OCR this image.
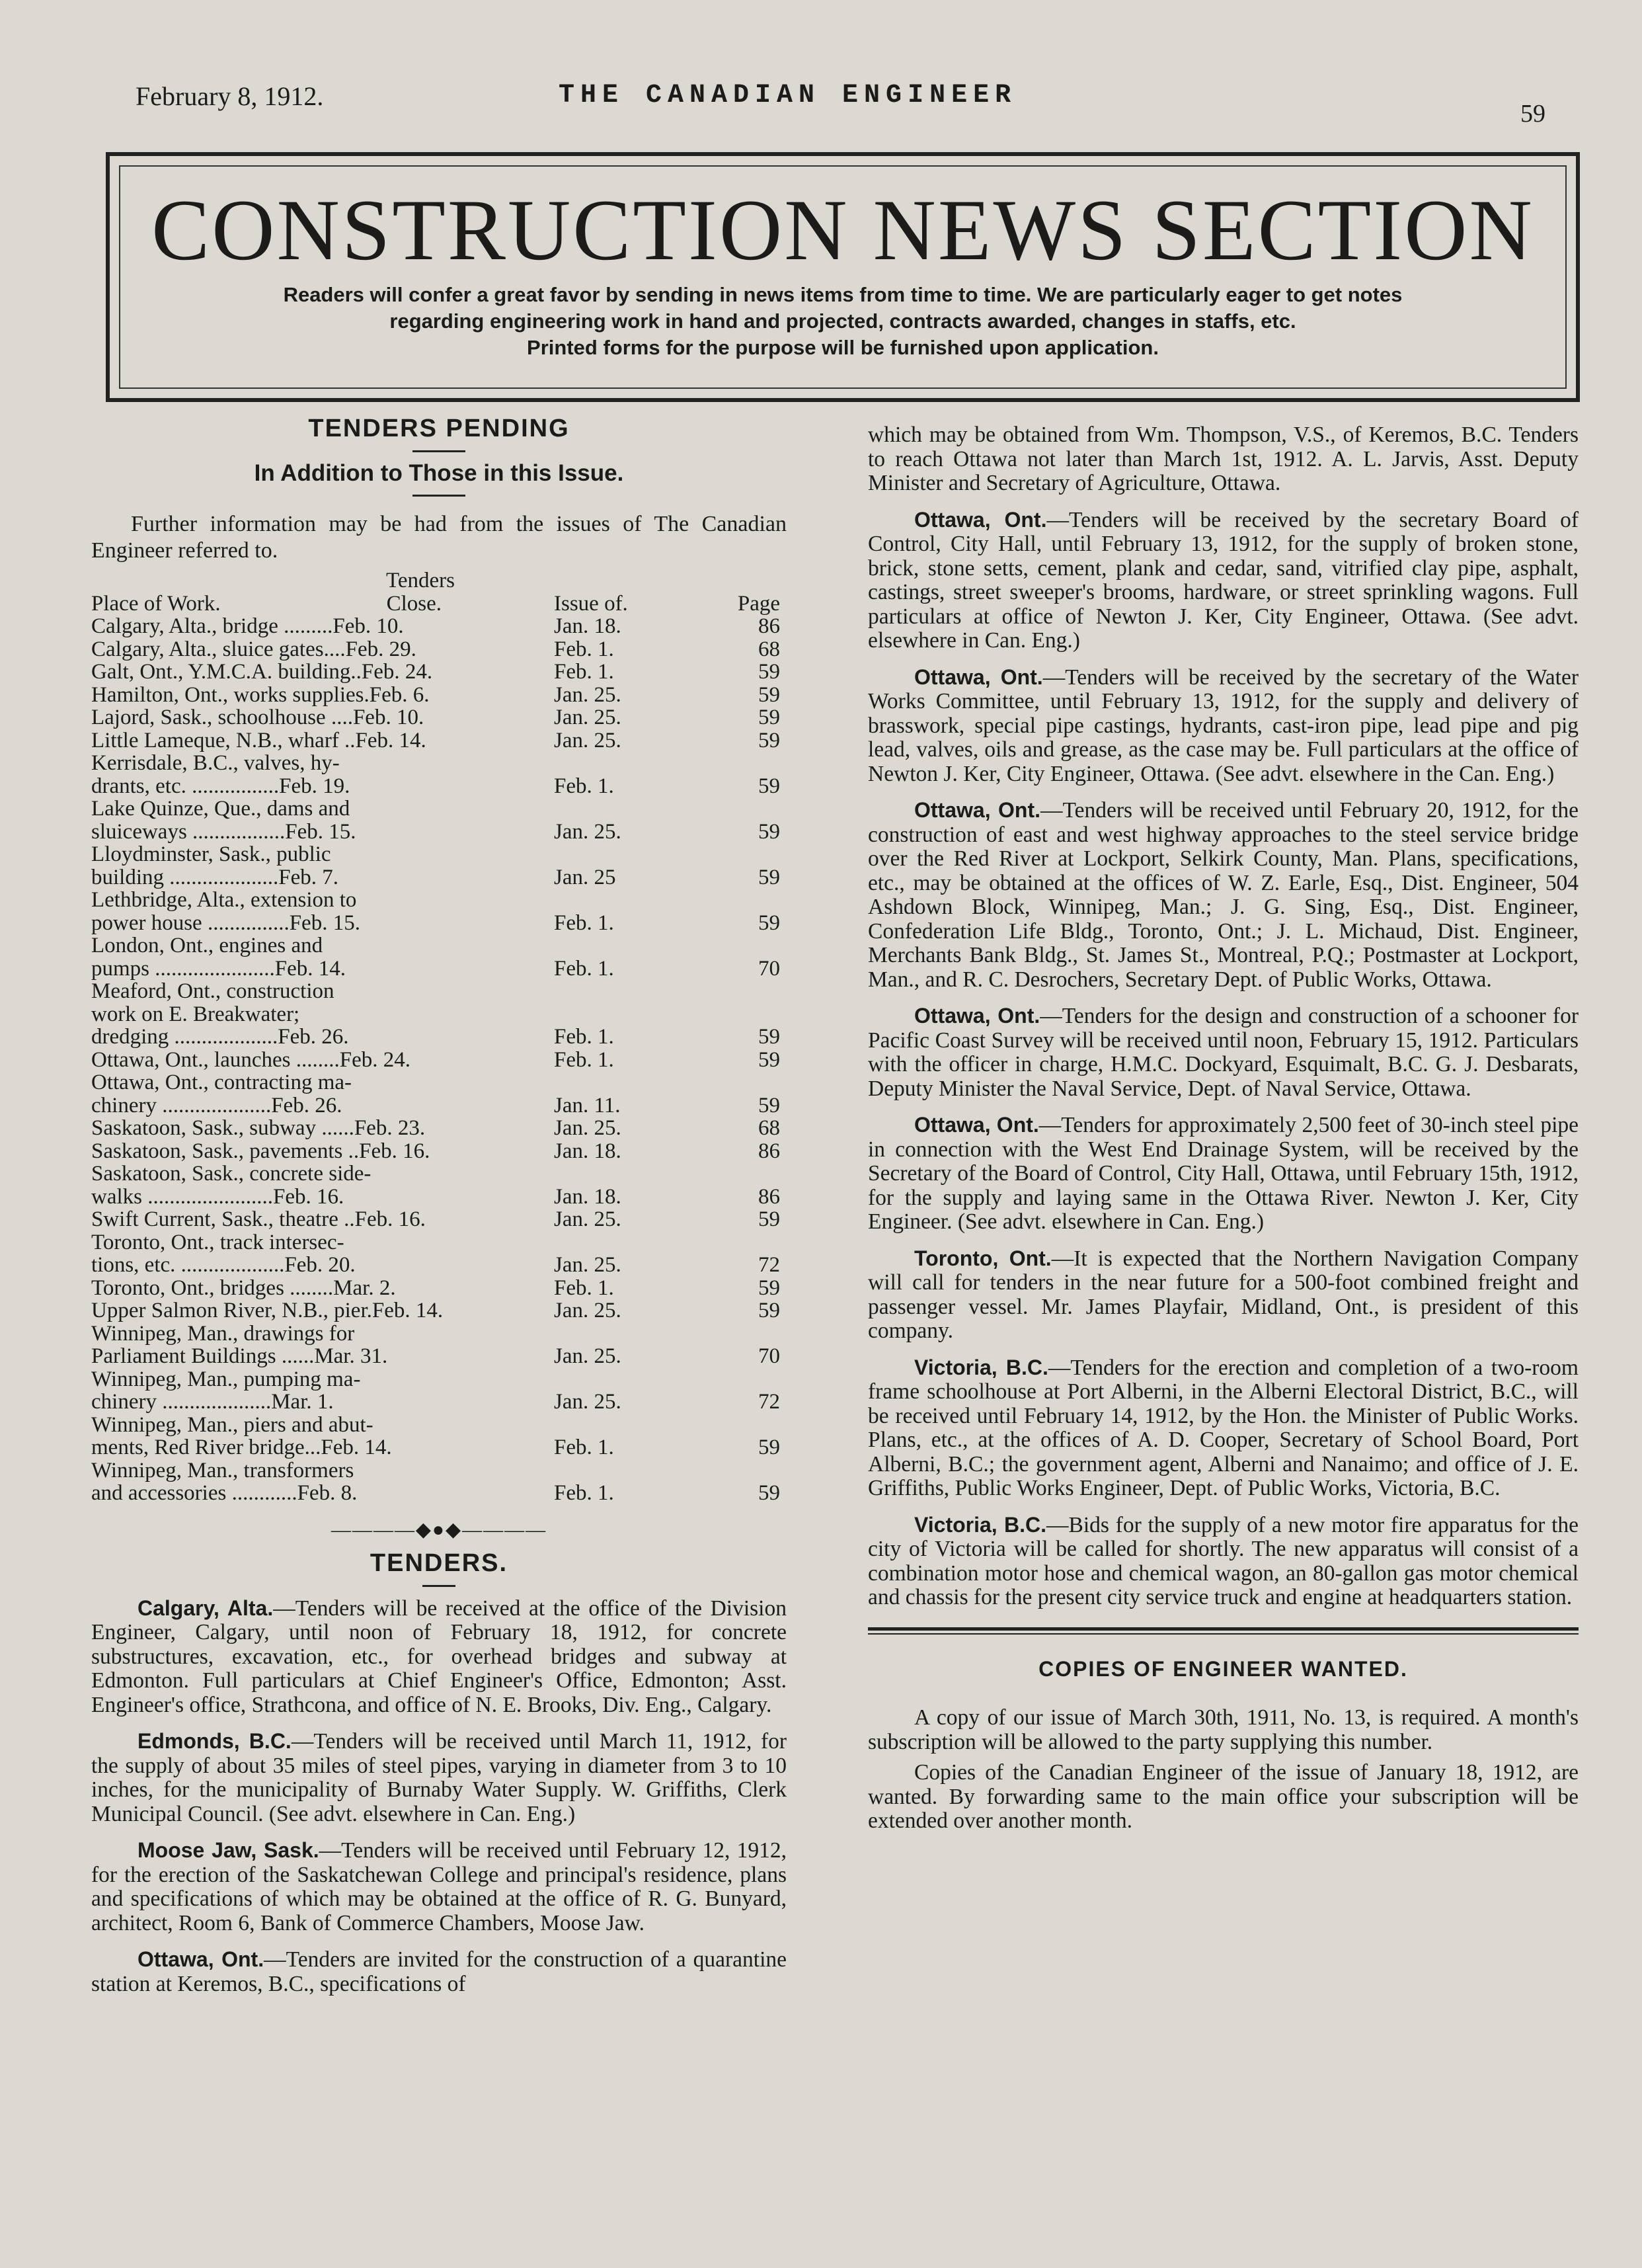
February 8, 1912.	THE CANADIAN ENGINEER
59
CONSTRUCTION NEWS SECTION
Readers will confer a great favor by sending in news items from time to time. We are particularly eager to get notes
regarding engineering work in hand and projected, contracts awarded, changes in staffs, etc.
Printed forms for the purpose will be furnished upon application.
TENDERS PENDING
In Addition to Those in this Issue.
Further information may be had from the issues of The Canadian Engineer referred to.
Tenders		
Place of Work. Close.	Issue of.	Page
Calgary, Alta., bridge .........Feb. 10.	Jan. 18.	86
Calgary, Alta., sluice gates....Feb. 29.	Feb. 1.	68
Galt, Ont., Y.M.C.A. building..Feb. 24.	Feb. 1.	59
Hamilton, Ont., works supplies.Feb. 6.	Jan. 25.	59
Lajord, Sask., schoolhouse ....Feb. 10.	Jan. 25.	59
Little Lameque, N.B., wharf ..Feb. 14.	Jan. 25.	59
Kerrisdale, B.C., valves, hy-		
drants, etc. ................Feb. 19.	Feb. 1.	59
Lake Quinze, Que., dams and		
sluiceways .................Feb. 15.	Jan. 25.	59
Lloydminster, Sask., public		
building ....................Feb. 7.	Jan. 25	59
Lethbridge, Alta., extension to		
power house ...............Feb. 15.	Feb. 1.	59
London, Ont., engines and		
pumps ......................Feb. 14.	Feb. 1.	70
Meaford, Ont., construction		
work on E. Breakwater;		
dredging ...................Feb. 26.	Feb. 1.	59
Ottawa, Ont., launches ........Feb. 24.	Feb. 1.	59
Ottawa, Ont., contracting ma-		
chinery ....................Feb. 26.	Jan. 11.	59
Saskatoon, Sask., subway ......Feb. 23.	Jan. 25.	68
Saskatoon, Sask., pavements ..Feb. 16.	Jan. 18.	86
Saskatoon, Sask., concrete side-		
walks .......................Feb. 16.	Jan. 18.	86
Swift Current, Sask., theatre ..Feb. 16.	Jan. 25.	59
Toronto, Ont., track intersec-		
tions, etc. ...................Feb. 20.	Jan. 25.	72
Toronto, Ont., bridges ........Mar. 2.	Feb. 1.	59
Upper Salmon River, N.B., pier.Feb. 14.	Jan. 25.	59
Winnipeg, Man., drawings for		
Parliament Buildings ......Mar. 31.	Jan. 25.	70
Winnipeg, Man., pumping ma-		
chinery ....................Mar. 1.	Jan. 25.	72
Winnipeg, Man., piers and abut-		
ments, Red River bridge...Feb. 14.	Feb. 1.	59
Winnipeg, Man., transformers		
and accessories ............Feb. 8.	Feb. 1.	59
————◆●◆————
TENDERS.
Calgary, Alta.—Tenders will be received at the office of the Division Engineer, Calgary, until noon of February 18, 1912, for concrete substructures, excavation, etc., for overhead bridges and subway at Edmonton. Full particulars at Chief Engineer's Office, Edmonton; Asst. Engineer's office, Strathcona, and office of N. E. Brooks, Div. Eng., Calgary.
Edmonds, B.C.—Tenders will be received until March 11, 1912, for the supply of about 35 miles of steel pipes, varying in diameter from 3 to 10 inches, for the municipality of Burnaby Water Supply. W. Griffiths, Clerk Municipal Council. (See advt. elsewhere in Can. Eng.)
Moose Jaw, Sask.—Tenders will be received until February 12, 1912, for the erection of the Saskatchewan College and principal's residence, plans and specifications of which may be obtained at the office of R. G. Bunyard, architect, Room 6, Bank of Commerce Chambers, Moose Jaw.
Ottawa, Ont.—Tenders are invited for the construction of a quarantine station at Keremos, B.C., specifications of
which may be obtained from Wm. Thompson, V.S., of Keremos, B.C. Tenders to reach Ottawa not later than March 1st, 1912. A. L. Jarvis, Asst. Deputy Minister and Secretary of Agriculture, Ottawa.
Ottawa, Ont.—Tenders will be received by the secretary Board of Control, City Hall, until February 13, 1912, for the supply of broken stone, brick, stone setts, cement, plank and cedar, sand, vitrified clay pipe, asphalt, castings, street sweeper's brooms, hardware, or street sprinkling wagons. Full particulars at office of Newton J. Ker, City Engineer, Ottawa. (See advt. elsewhere in Can. Eng.)
Ottawa, Ont.—Tenders will be received by the secretary of the Water Works Committee, until February 13, 1912, for the supply and delivery of brasswork, special pipe castings, hydrants, cast-iron pipe, lead pipe and pig lead, valves, oils and grease, as the case may be. Full particulars at the office of Newton J. Ker, City Engineer, Ottawa. (See advt. elsewhere in the Can. Eng.)
Ottawa, Ont.—Tenders will be received until February 20, 1912, for the construction of east and west highway approaches to the steel service bridge over the Red River at Lockport, Selkirk County, Man. Plans, specifications, etc., may be obtained at the offices of W. Z. Earle, Esq., Dist. Engineer, 504 Ashdown Block, Winnipeg, Man.; J. G. Sing, Esq., Dist. Engineer, Confederation Life Bldg., Toronto, Ont.; J. L. Michaud, Dist. Engineer, Merchants Bank Bldg., St. James St., Montreal, P.Q.; Postmaster at Lockport, Man., and R. C. Desrochers, Secretary Dept. of Public Works, Ottawa.
Ottawa, Ont.—Tenders for the design and construction of a schooner for Pacific Coast Survey will be received until noon, February 15, 1912. Particulars with the officer in charge, H.M.C. Dockyard, Esquimalt, B.C. G. J. Desbarats, Deputy Minister the Naval Service, Dept. of Naval Service, Ottawa.
Ottawa, Ont.—Tenders for approximately 2,500 feet of 30-inch steel pipe in connection with the West End Drainage System, will be received by the Secretary of the Board of Control, City Hall, Ottawa, until February 15th, 1912, for the supply and laying same in the Ottawa River. Newton J. Ker, City Engineer. (See advt. elsewhere in Can. Eng.)
Toronto, Ont.—It is expected that the Northern Navigation Company will call for tenders in the near future for a 500-foot combined freight and passenger vessel. Mr. James Playfair, Midland, Ont., is president of this company.
Victoria, B.C.—Tenders for the erection and completion of a two-room frame schoolhouse at Port Alberni, in the Alberni Electoral District, B.C., will be received until February 14, 1912, by the Hon. the Minister of Public Works. Plans, etc., at the offices of A. D. Cooper, Secretary of School Board, Port Alberni, B.C.; the government agent, Alberni and Nanaimo; and office of J. E. Griffiths, Public Works Engineer, Dept. of Public Works, Victoria, B.C.
Victoria, B.C.—Bids for the supply of a new motor fire apparatus for the city of Victoria will be called for shortly. The new apparatus will consist of a combination motor hose and chemical wagon, an 80-gallon gas motor chemical and chassis for the present city service truck and engine at headquarters station.
COPIES OF ENGINEER WANTED.
A copy of our issue of March 30th, 1911, No. 13, is required. A month's subscription will be allowed to the party supplying this number.
Copies of the Canadian Engineer of the issue of January 18, 1912, are wanted. By forwarding same to the main office your subscription will be extended over another month.
